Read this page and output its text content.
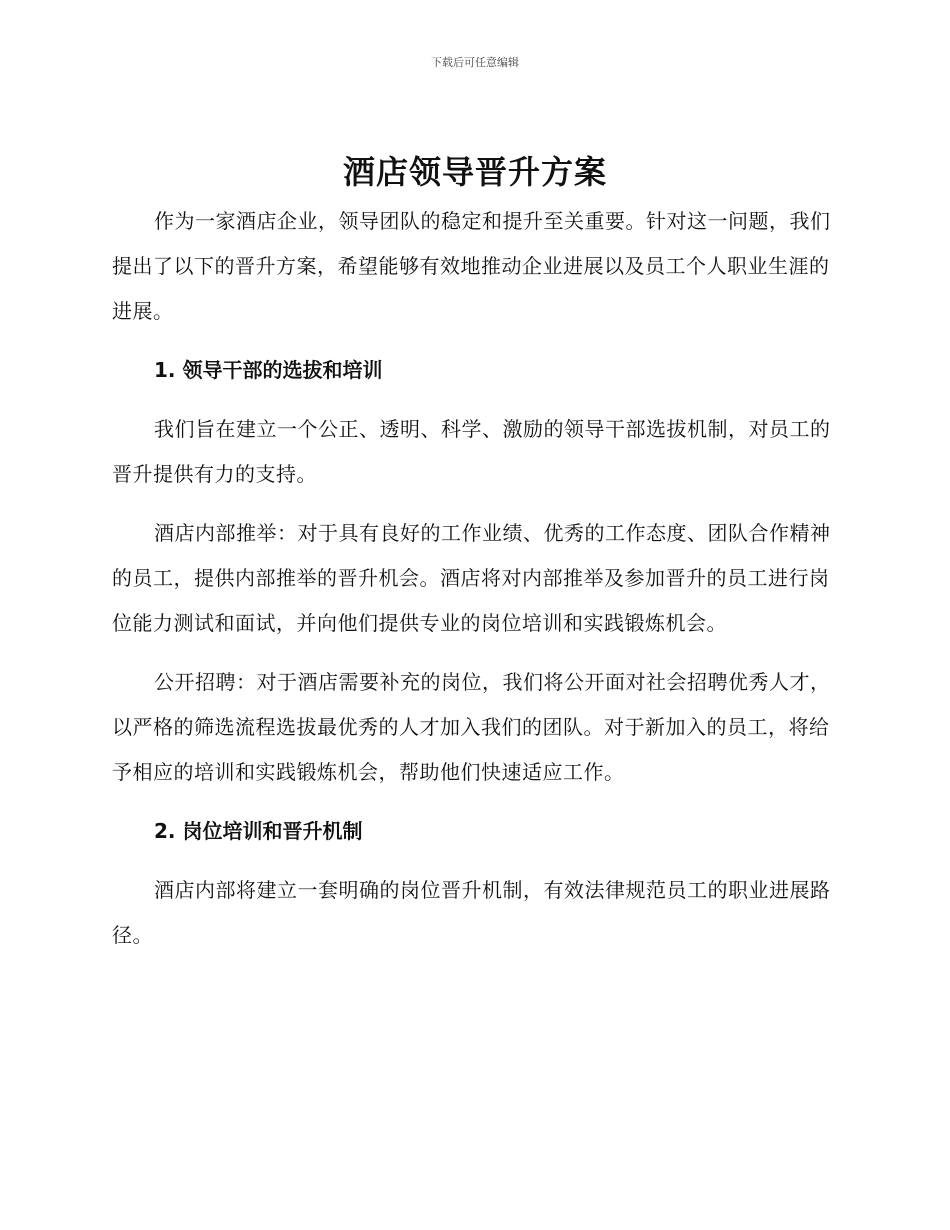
下载后可任意编辑
酒店领导晋升方案

作为一家酒店企业，领导团队的稳定和提升至关重要。针对这一问题，我们提出了以下的晋升方案，希望能够有效地推动企业进展以及员工个人职业生涯的进展。

1. 领导干部的选拔和培训

我们旨在建立一个公正、透明、科学、激励的领导干部选拔机制，对员工的晋升提供有力的支持。

酒店内部推举：对于具有良好的工作业绩、优秀的工作态度、团队合作精神的员工，提供内部推举的晋升机会。酒店将对内部推举及参加晋升的员工进行岗位能力测试和面试，并向他们提供专业的岗位培训和实践锻炼机会。

公开招聘：对于酒店需要补充的岗位，我们将公开面对社会招聘优秀人才，以严格的筛选流程选拔最优秀的人才加入我们的团队。对于新加入的员工，将给予相应的培训和实践锻炼机会，帮助他们快速适应工作。

2. 岗位培训和晋升机制

酒店内部将建立一套明确的岗位晋升机制，有效法律规范员工的职业进展路径。
